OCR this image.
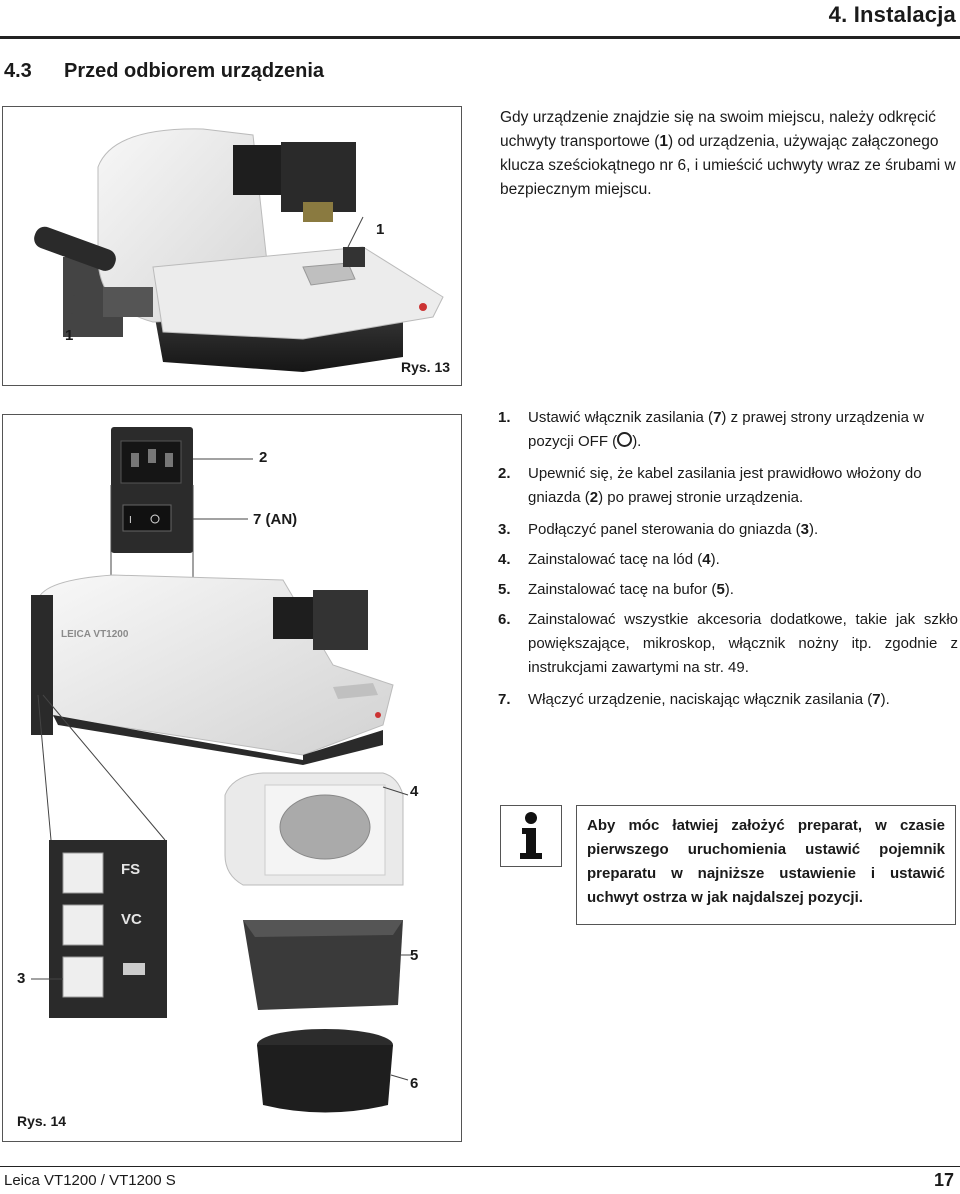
4. Instalacja
4.3 Przed odbiorem urządzenia
1
1
Rys. 13
Gdy urządzenie znajdzie się na swoim miejscu, należy odkręcić uchwyty transportowe (1) od urządzenia, używając załączonego klucza sześciokątnego nr 6, i umieścić uchwyty wraz ze śrubami w bezpiecznym miejscu.
I
2
7 (AN)
LEICA VT1200
FS
VC
4
5
3
6
Rys. 14
1. Ustawić włącznik zasilania (7) z prawej strony urządzenia w pozycji OFF ( ).
2. Upewnić się, że kabel zasilania jest prawidłowo włożony do gniazda (2) po prawej stronie urządzenia.
3. Podłączyć panel sterowania do gniazda (3).
4. Zainstalować tacę na lód (4).
5. Zainstalować tacę na bufor (5).
6. Zainstalować wszystkie akcesoria dodatkowe, takie jak szkło powiększające, mikroskop, włącznik nożny itp. zgodnie z instrukcjami zawartymi na str. 49.
7. Włączyć urządzenie, naciskając włącznik zasilania (7).
Aby móc łatwiej założyć preparat, w czasie pierwszego uruchomienia ustawić pojemnik preparatu w najniższe ustawienie i ustawić uchwyt ostrza w jak najdalszej pozycji.
Leica VT1200 / VT1200 S	17
